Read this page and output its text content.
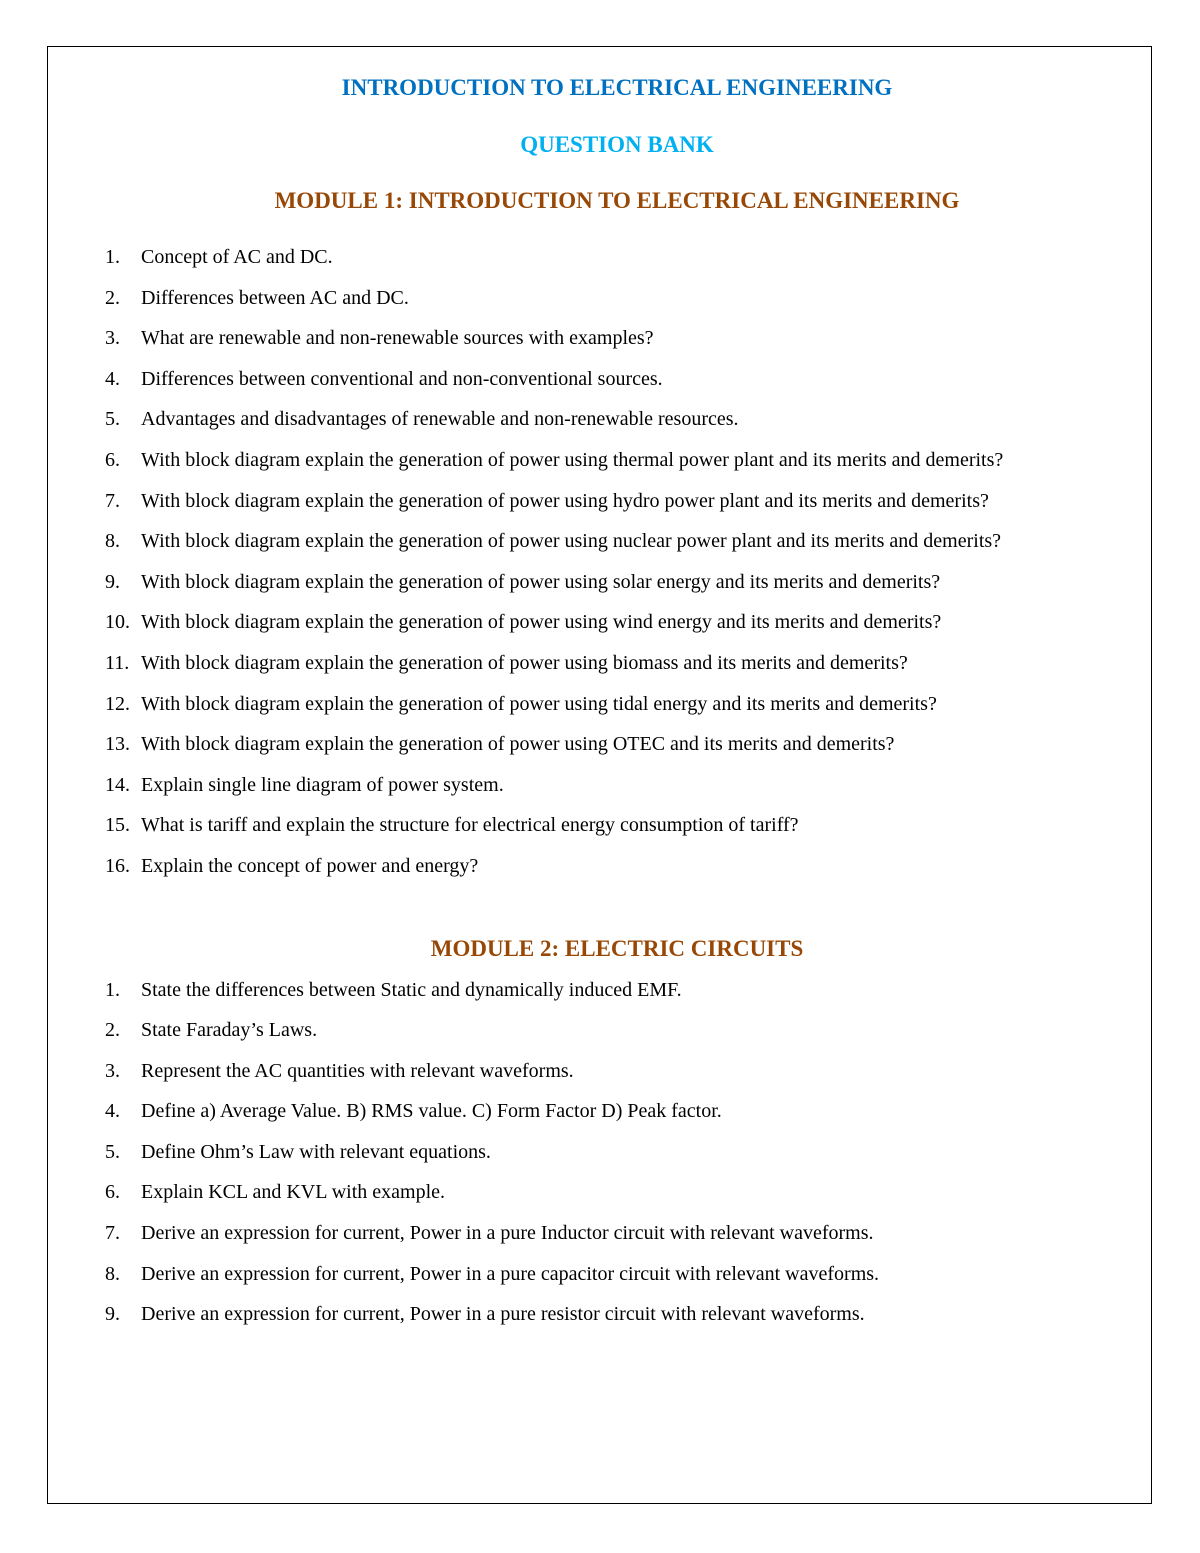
INTRODUCTION TO ELECTRICAL ENGINEERING
QUESTION BANK
MODULE 1: INTRODUCTION TO ELECTRICAL ENGINEERING
1.	Concept of AC and DC.
2.	Differences between AC and DC.
3.	What are renewable and non-renewable sources with examples?
4.	Differences between conventional and non-conventional sources.
5.	Advantages and disadvantages of renewable and non-renewable resources.
6.	With block diagram explain the generation of power using thermal power plant and its merits and demerits?
7.	With block diagram explain the generation of power using hydro power plant and its merits and demerits?
8.	With block diagram explain the generation of power using nuclear power plant and its merits and demerits?
9.	With block diagram explain the generation of power using solar energy and its merits and demerits?
10. With block diagram explain the generation of power using wind energy and its merits and demerits?
11. With block diagram explain the generation of power using biomass and its merits and demerits?
12. With block diagram explain the generation of power using tidal energy and its merits and demerits?
13. With block diagram explain the generation of power using OTEC and its merits and demerits?
14. Explain single line diagram of power system.
15. What is tariff and explain the structure for electrical energy consumption of tariff?
16. Explain the concept of power and energy?
MODULE 2: ELECTRIC CIRCUITS
1.	State the differences between Static and dynamically induced EMF.
2.	State Faraday’s Laws.
3.	Represent the AC quantities with relevant waveforms.
4.	Define a) Average Value. B) RMS value. C) Form Factor D) Peak factor.
5.	Define Ohm’s Law with relevant equations.
6.	Explain KCL and KVL with example.
7.	Derive an expression for current, Power in a pure Inductor circuit with relevant waveforms.
8.	Derive an expression for current, Power in a pure capacitor circuit with relevant waveforms.
9.	Derive an expression for current, Power in a pure resistor circuit with relevant waveforms.
